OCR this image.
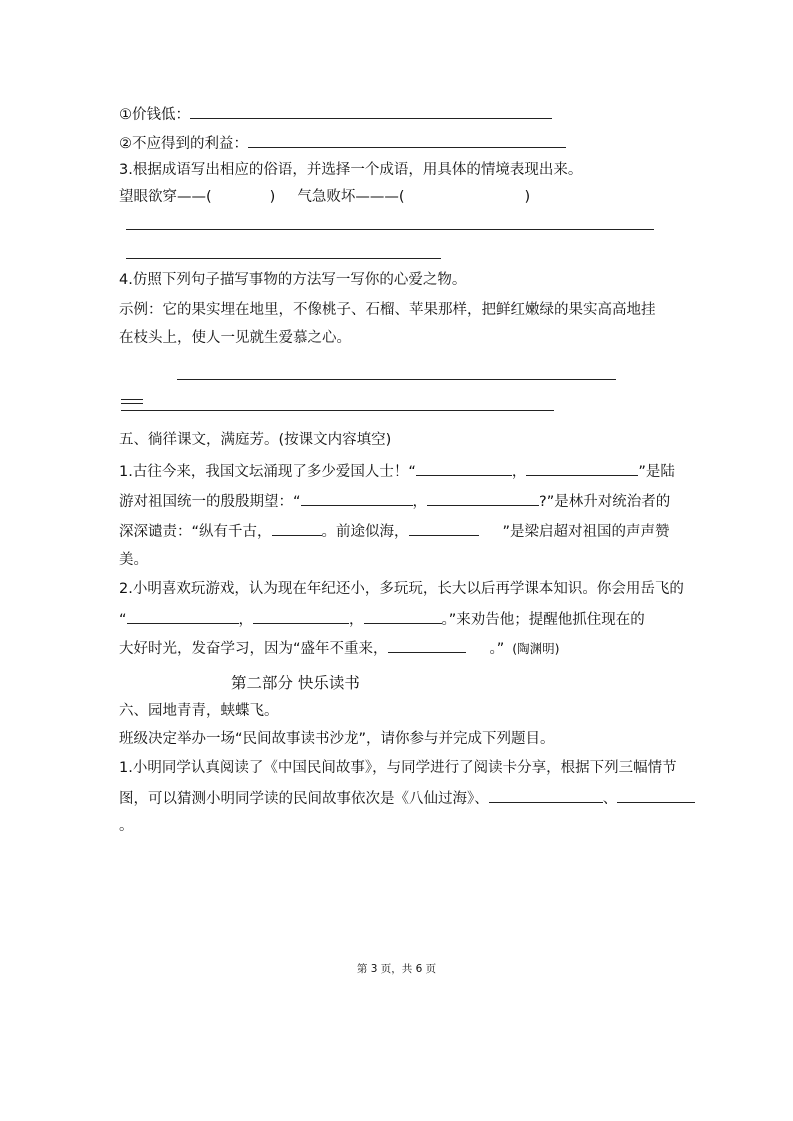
①价钱低：
②不应得到的利益：
3.根据成语写出相应的俗语，并选择一个成语，用具体的情境表现出来。
望眼欲穿——(	) 气急败坏———(	)
4.仿照下列句子描写事物的方法写一写你的心爱之物。
示例：它的果实埋在地里，不像桃子、石榴、苹果那样，把鲜红嫩绿的果实高高地挂
在枝头上，使人一见就生爱慕之心。
五、徜徉课文，满庭芳。(按课文内容填空)
1.古往今来，我国文坛涌现了多少爱国人士！“	，	”是陆
游对祖国统一的殷殷期望：“	，	?”是林升对统治者的
深深谴责：“纵有千古，	。前途似海，	”是梁启超对祖国的声声赞
美。
2.小明喜欢玩游戏，认为现在年纪还小，多玩玩，长大以后再学课本知识。你会用岳飞的
“	，	，	。”来劝告他；提醒他抓住现在的
大好时光，发奋学习，因为“盛年不重来，	。” (陶渊明)
第二部分 快乐读书
六、园地青青，蛱蝶飞。
班级决定举办一场“民间故事读书沙龙”，请你参与并完成下列题目。
1.小明同学认真阅读了《中国民间故事》，与同学进行了阅读卡分享，根据下列三幅情节
图，可以猜测小明同学读的民间故事依次是《八仙过海》、	、
。
第 3 页，共 6 页
